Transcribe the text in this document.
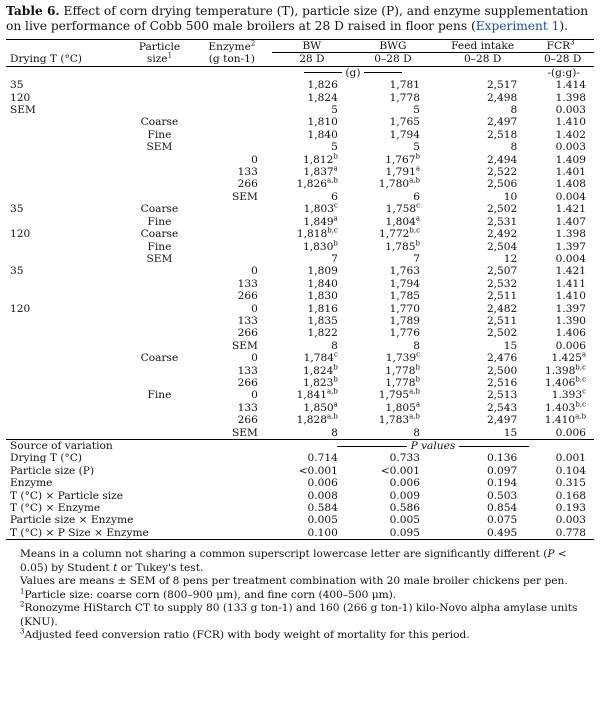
Table 6. Effect of corn drying temperature (T), particle size (P), and enzyme supplementation on live performance of Cobb 500 male broilers at 28 D raised in floor pens (Experiment 1).

	Particle	Enzyme$^2$	BW	BWG	Feed intake	FCR$^3$
Drying T (°C)	size$^1$	(g ton-1)	28 D	0–28 D	0–28 D	0–28 D
			(g)			-(g:g)-
35			1,826	1,781	2,517	1.414
120			1,824	1,778	2,498	1.398
SEM			5	5	8	0.003
	Coarse		1,810	1,765	2,497	1.410
	Fine		1,840	1,794	2,518	1.402
	SEM		5	5	8	0.003
		0	1,812$^b$	1,767$^b$	2,494	1.409
		133	1,837$^a$	1,791$^a$	2,522	1.401
		266	1,826$^{a,b}$	1,780$^{a,b}$	2,506	1.408
		SEM	6	6	10	0.004
35	Coarse		1,803$^c$	1,758$^c$	2,502	1.421
	Fine		1,849$^a$	1,804$^a$	2,531	1.407
120	Coarse		1,818$^{b,c}$	1,772$^{b,c}$	2,492	1.398
	Fine		1,830$^b$	1,785$^b$	2,504	1.397
	SEM		7	7	12	0.004
35		0	1,809	1,763	2,507	1.421
		133	1,840	1,794	2,532	1.411
		266	1,830	1,785	2,511	1.410
120		0	1,816	1,770	2,482	1.397
		133	1,835	1,789	2,511	1.390
		266	1,822	1,776	2,502	1.406
		SEM	8	8	15	0.006
	Coarse	0	1,784$^c$	1,739$^c$	2,476	1.425$^a$
		133	1,824$^b$	1,778$^b$	2,500	1.398$^{b,c}$
		266	1,823$^b$	1,778$^b$	2,516	1.406$^{b,c}$
	Fine	0	1,841$^{a,b}$	1,795$^{a,b}$	2,513	1.393$^c$
		133	1,850$^a$	1,805$^a$	2,543	1.403$^{b,c}$
		266	1,828$^{a,b}$	1,783$^{a,b}$	2,497	1.410$^{a,b}$
		SEM	8	8	15	0.006
Source of variation			P values			
Drying T (°C)			0.714	0.733	0.136	0.001
Particle size (P)			<0.001	<0.001	0.097	0.104
Enzyme			0.006	0.006	0.194	0.315
T (°C) × Particle size			0.008	0.009	0.503	0.168
T (°C) × Enzyme			0.584	0.586	0.854	0.193
Particle size × Enzyme			0.005	0.005	0.075	0.003
T (°C) × P Size × Enzyme			0.100	0.095	0.495	0.778

Means in a column not sharing a common superscript lowercase letter are significantly different (P < 0.05) by Student t or Tukey's test.

Values are means ± SEM of 8 pens per treatment combination with 20 male broiler chickens per pen.

$^1$Particle size: coarse corn (800–900 μm), and fine corn (400–500 μm).

$^2$Ronozyme HiStarch CT to supply 80 (133 g ton-1) and 160 (266 g ton-1) kilo-Novo alpha amylase units (KNU).

$^3$Adjusted feed conversion ratio (FCR) with body weight of mortality for this period.
